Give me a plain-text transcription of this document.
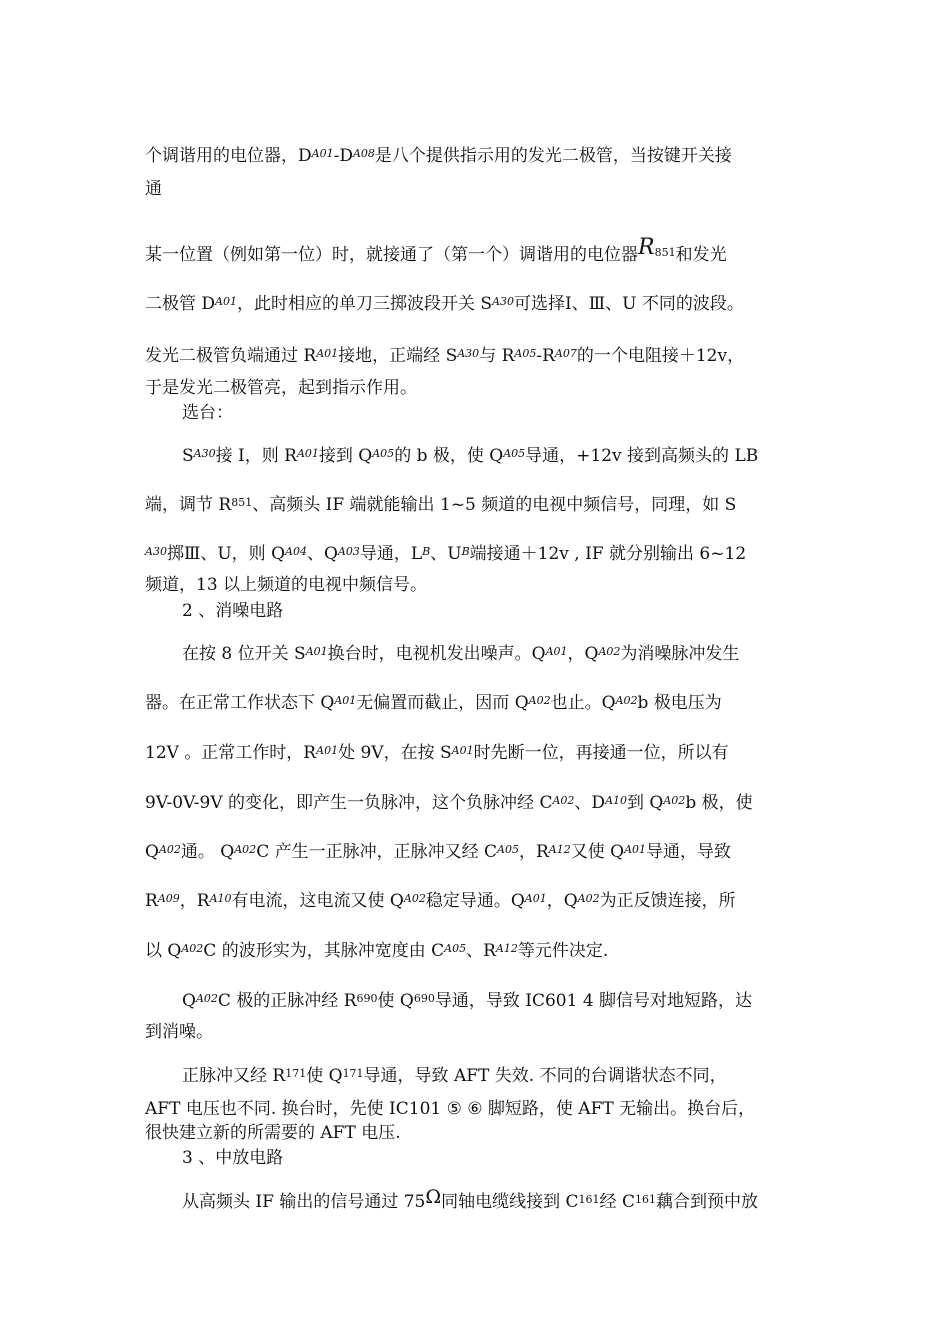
个调谐用的电位器，$D^{A01}-D^{A08}$是八个提供指示用的发光二极管，当按键开关接
通
某一位置（例如第一位）时，就接通了（第一个）调谐用的电位器$R^{851}$和发光
二极管 $D^{A01}$，此时相应的单刀三掷波段开关 $S^{A30}$可选择Ⅰ、Ⅲ、U 不同的波段。
发光二极管负端通过 $R^{A01}$接地，正端经 $S^{A30}$与 $R^{A05}-R^{A07}$的一个电阻接＋12v，
于是发光二极管亮，起到指示作用。
选台：
$S^{A30}$接 I，则 $R^{A01}$接到 $Q^{A05}$的 b 极，使 $Q^{A05}$导通，+12v 接到高频头的 LB
端，调节 $R^{851}$、高频头 IF 端就能输出 1~5 频道的电视中频信号，同理，如 S
$^{A30}$掷Ⅲ、U，则 $Q^{A04}$、$Q^{A03}$导通，$L^B$、$U^B$端接通＋12v , IF 就分别输出 6~12
频道，13 以上频道的电视中频信号。
2 、消噪电路
在按 8 位开关 $S^{A01}$换台时，电视机发出噪声。$Q^{A01}$，$Q^{A02}$为消噪脉冲发生
器。在正常工作状态下 $Q^{A01}$无偏置而截止，因而 $Q^{A02}$也止。$Q^{A02}b$ 极电压为
12V 。正常工作时，$R^{A01}$处 9V，在按 $S^{A01}$时先断一位，再接通一位，所以有
9V-0V-9V 的变化，即产生一负脉冲，这个负脉冲经 $C^{A02}$、$D^{A10}$到 $Q^{A02}b$ 极，使
$Q^{A02}$通。 $Q^{A02}C$ 产生一正脉冲，正脉冲又经 $C^{A05}$，$R^{A12}$又使 $Q^{A01}$导通，导致
$R^{A09}$，$R^{A10}$有电流，这电流又使 $Q^{A02}$稳定导通。$Q^{A01}$，$Q^{A02}$为正反馈连接，所
以 $Q^{A02}C$ 的波形实为，其脉冲宽度由 $C^{A05}$、$R^{A12}$等元件决定.
$Q^{A02}C$ 极的正脉冲经 $R^{690}$使 $Q^{690}$导通，导致 IC601 4 脚信号对地短路，达
到消噪。
正脉冲又经 $R^{171}$使 $Q^{171}$导通，导致 AFT 失效. 不同的台调谐状态不同，
AFT 电压也不同. 换台时，先使 IC101 ⑤ ⑥ 脚短路，使 AFT 无输出。换台后，
很快建立新的所需要的 AFT 电压.
3 、中放电路
从高频头 IF 输出的信号通过 75Ω同轴电缆线接到 $C^{161}$经 $C^{161}$藕合到预中放
